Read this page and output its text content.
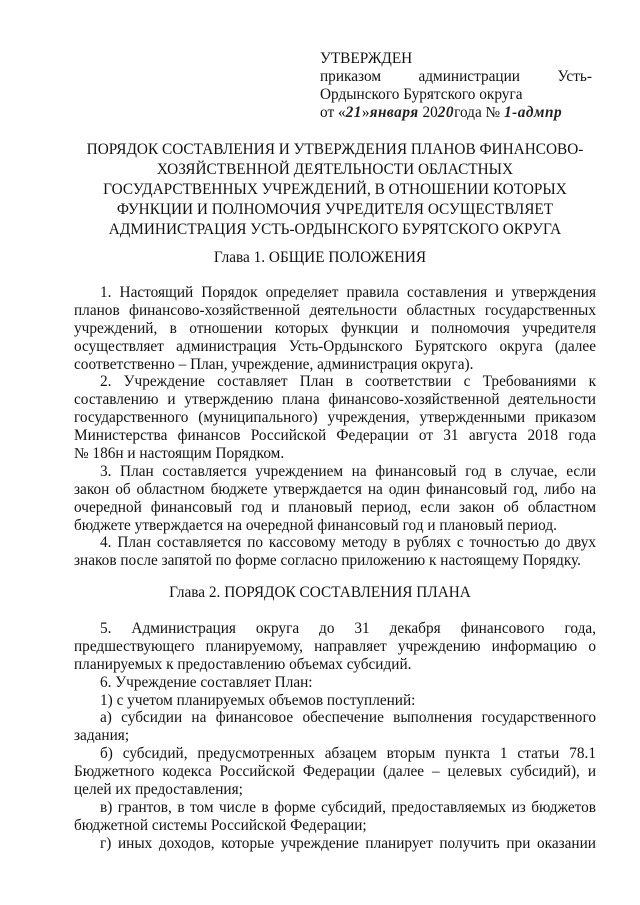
УТВЕРЖДЕН
приказом администрации Усть-
Ордынского Бурятского округа
от «21»января 2020года № 1-адмпр
ПОРЯДОК СОСТАВЛЕНИЯ И УТВЕРЖДЕНИЯ ПЛАНОВ ФИНАНСОВО-
ХОЗЯЙСТВЕННОЙ ДЕЯТЕЛЬНОСТИ ОБЛАСТНЫХ
ГОСУДАРСТВЕННЫХ УЧРЕЖДЕНИЙ, В ОТНОШЕНИИ КОТОРЫХ
ФУНКЦИИ И ПОЛНОМОЧИЯ УЧРЕДИТЕЛЯ ОСУЩЕСТВЛЯЕТ
АДМИНИСТРАЦИЯ УСТЬ-ОРДЫНСКОГО БУРЯТСКОГО ОКРУГА
Глава 1. ОБЩИЕ ПОЛОЖЕНИЯ
1. Настоящий Порядок определяет правила составления и утверждения
планов финансово-хозяйственной деятельности областных государственных
учреждений, в отношении которых функции и полномочия учредителя
осуществляет администрация Усть-Ордынского Бурятского округа (далее
соответственно – План, учреждение, администрация округа).
2. Учреждение составляет План в соответствии с Требованиями к
составлению и утверждению плана финансово-хозяйственной деятельности
государственного (муниципального) учреждения, утвержденными приказом
Министерства финансов Российской Федерации от 31 августа 2018 года
№ 186н и настоящим Порядком.
3. План составляется учреждением на финансовый год в случае, если
закон об областном бюджете утверждается на один финансовый год, либо на
очередной финансовый год и плановый период, если закон об областном
бюджете утверждается на очередной финансовый год и плановый период.
4. План составляется по кассовому методу в рублях с точностью до двух
знаков после запятой по форме согласно приложению к настоящему Порядку.
Глава 2. ПОРЯДОК СОСТАВЛЕНИЯ ПЛАНА
5. Администрация округа до 31 декабря финансового года,
предшествующего планируемому, направляет учреждению информацию о
планируемых к предоставлению объемах субсидий.
6. Учреждение составляет План:
1) с учетом планируемых объемов поступлений:
а) субсидии на финансовое обеспечение выполнения государственного
задания;
б) субсидий, предусмотренных абзацем вторым пункта 1 статьи 78.1
Бюджетного кодекса Российской Федерации (далее – целевых субсидий), и
целей их предоставления;
в) грантов, в том числе в форме субсидий, предоставляемых из бюджетов
бюджетной системы Российской Федерации;
г) иных доходов, которые учреждение планирует получить при оказании
